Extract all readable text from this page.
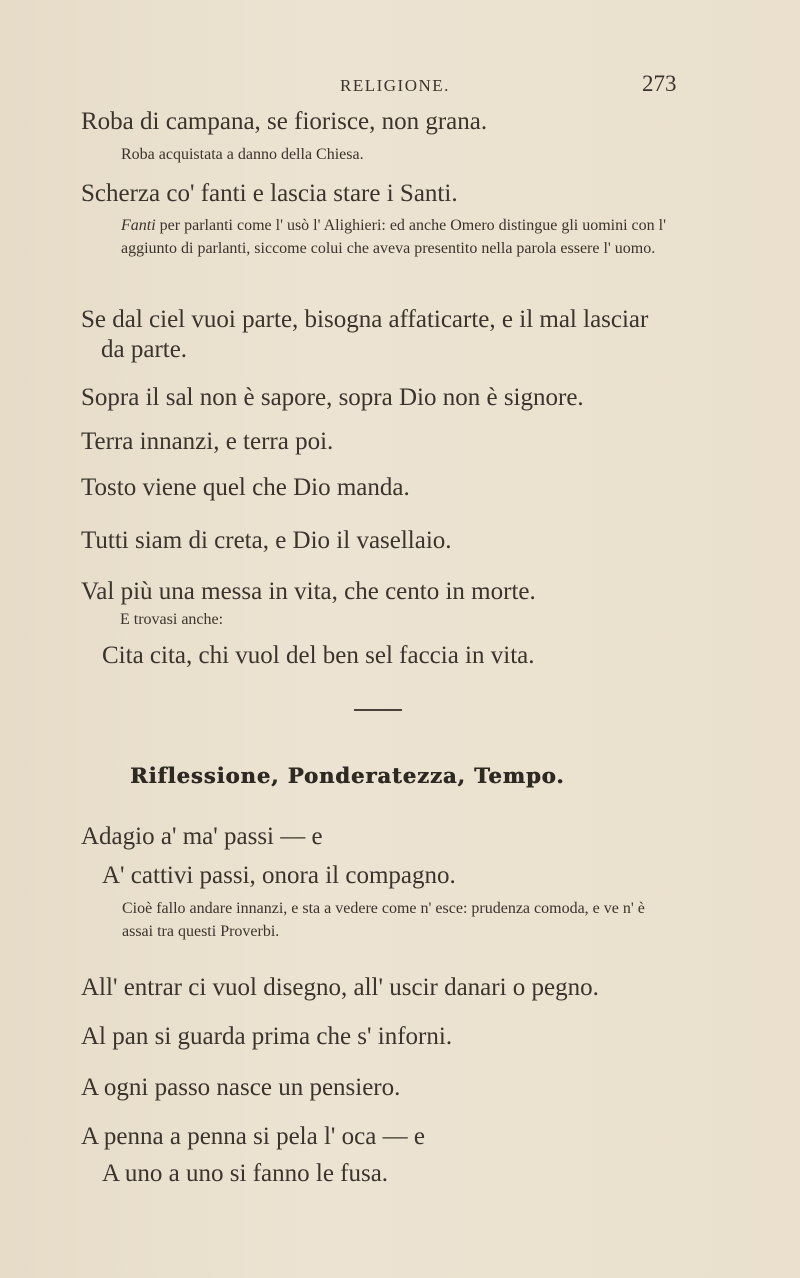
RELIGIONE.	273
Roba di campana, se fiorisce, non grana.
Roba acquistata a danno della Chiesa.
Scherza co' fanti e lascia stare i Santi.
Fanti per parlanti come l' usò l' Alighieri: ed anche Omero distingue gli uomini con l' aggiunto di parlanti, siccome colui che aveva presentito nella parola essere l' uomo.
Se dal ciel vuoi parte, bisogna affaticarte, e il mal lasciar
da parte.
Sopra il sal non è sapore, sopra Dio non è signore.
Terra innanzi, e terra poi.
Tosto viene quel che Dio manda.
Tutti siam di creta, e Dio il vasellaio.
Val più una messa in vita, che cento in morte.
E trovasi anche:
Cita cita, chi vuol del ben sel faccia in vita.
Riflessione, Ponderatezza, Tempo.
Adagio a' ma' passi — e
A' cattivi passi, onora il compagno.
Cioè fallo andare innanzi, e sta a vedere come n' esce: prudenza comoda, e ve n' è assai tra questi Proverbi.
All' entrar ci vuol disegno, all' uscir danari o pegno.
Al pan si guarda prima che s' inforni.
A ogni passo nasce un pensiero.
A penna a penna si pela l' oca — e
A uno a uno si fanno le fusa.
